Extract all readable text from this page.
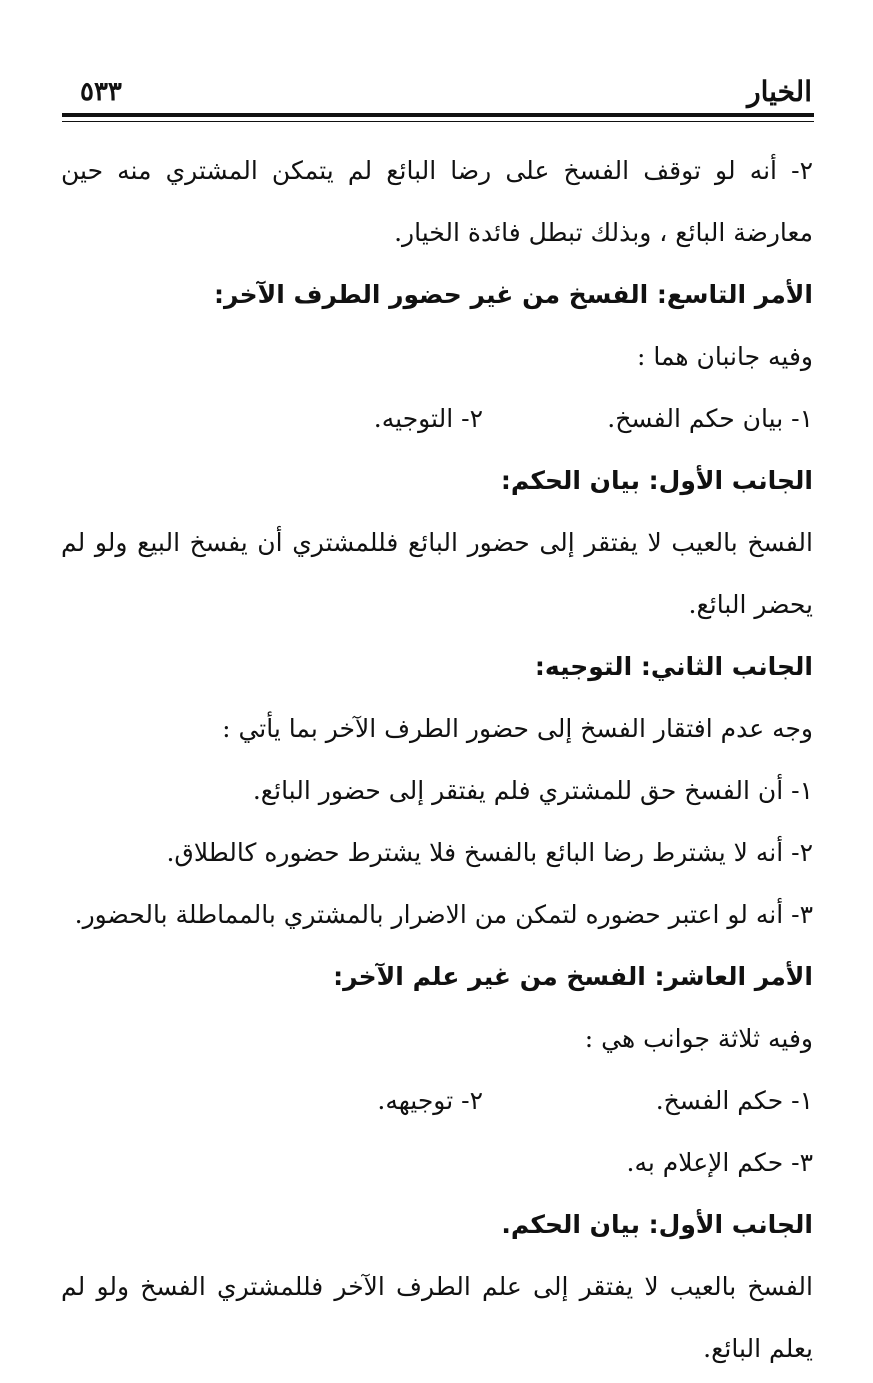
الخيار
٥٣٣
٢- أنه لو توقف الفسخ على رضا البائع لم يتمكن المشتري منه حين
معارضة البائع ، وبذلك تبطل فائدة الخيار.
الأمر التاسع: الفسخ من غير حضور الطرف الآخر:
وفيه جانبان هما :
١- بيان حكم الفسخ.
٢- التوجيه.
الجانب الأول: بيان الحكم:
الفسخ بالعيب لا يفتقر إلى حضور البائع فللمشتري أن يفسخ البيع ولو لم
يحضر البائع.
الجانب الثاني: التوجيه:
وجه عدم افتقار الفسخ إلى حضور الطرف الآخر بما يأتي :
١- أن الفسخ حق للمشتري فلم يفتقر إلى حضور البائع.
٢- أنه لا يشترط رضا البائع بالفسخ فلا يشترط حضوره كالطلاق.
٣- أنه لو اعتبر حضوره لتمكن من الاضرار بالمشتري بالمماطلة بالحضور.
الأمر العاشر: الفسخ من غير علم الآخر:
وفيه ثلاثة جوانب هي :
١- حكم الفسخ.
٢- توجيهه.
٣- حكم الإعلام به.
الجانب الأول: بيان الحكم.
الفسخ بالعيب لا يفتقر إلى علم الطرف الآخر فللمشتري الفسخ ولو لم
يعلم البائع.
